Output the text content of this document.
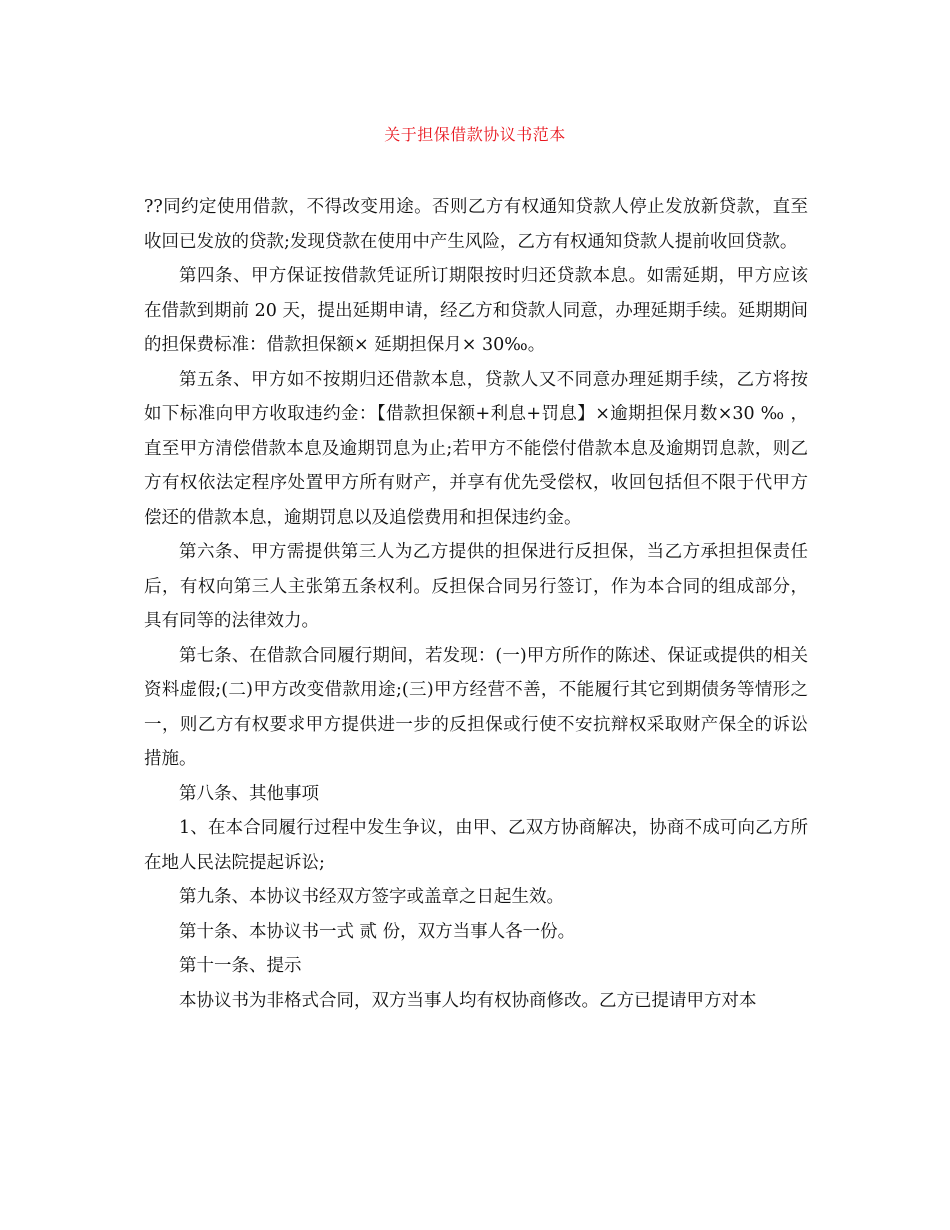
关于担保借款协议书范本

??同约定使用借款，不得改变用途。否则乙方有权通知贷款人停止发放新贷款，直至收回已发放的贷款;发现贷款在使用中产生风险，乙方有权通知贷款人提前收回贷款。

第四条、甲方保证按借款凭证所订期限按时归还贷款本息。如需延期，甲方应该在借款到期前 20 天，提出延期申请，经乙方和贷款人同意，办理延期手续。延期期间的担保费标准：借款担保额× 延期担保月× 30‰。

第五条、甲方如不按期归还借款本息，贷款人又不同意办理延期手续，乙方将按如下标准向甲方收取违约金：【借款担保额+利息+罚息】×逾期担保月数×30 ‰ ，直至甲方清偿借款本息及逾期罚息为止;若甲方不能偿付借款本息及逾期罚息款，则乙方有权依法定程序处置甲方所有财产，并享有优先受偿权，收回包括但不限于代甲方偿还的借款本息，逾期罚息以及追偿费用和担保违约金。

第六条、甲方需提供第三人为乙方提供的担保进行反担保，当乙方承担担保责任后，有权向第三人主张第五条权利。反担保合同另行签订，作为本合同的组成部分，具有同等的法律效力。

第七条、在借款合同履行期间，若发现：(一)甲方所作的陈述、保证或提供的相关资料虚假;(二)甲方改变借款用途;(三)甲方经营不善，不能履行其它到期债务等情形之一，则乙方有权要求甲方提供进一步的反担保或行使不安抗辩权采取财产保全的诉讼措施。

第八条、其他事项

1、在本合同履行过程中发生争议，由甲、乙双方协商解决，协商不成可向乙方所在地人民法院提起诉讼;

第九条、本协议书经双方签字或盖章之日起生效。

第十条、本协议书一式 贰 份，双方当事人各一份。

第十一条、提示

本协议书为非格式合同，双方当事人均有权协商修改。乙方已提请甲方对本
